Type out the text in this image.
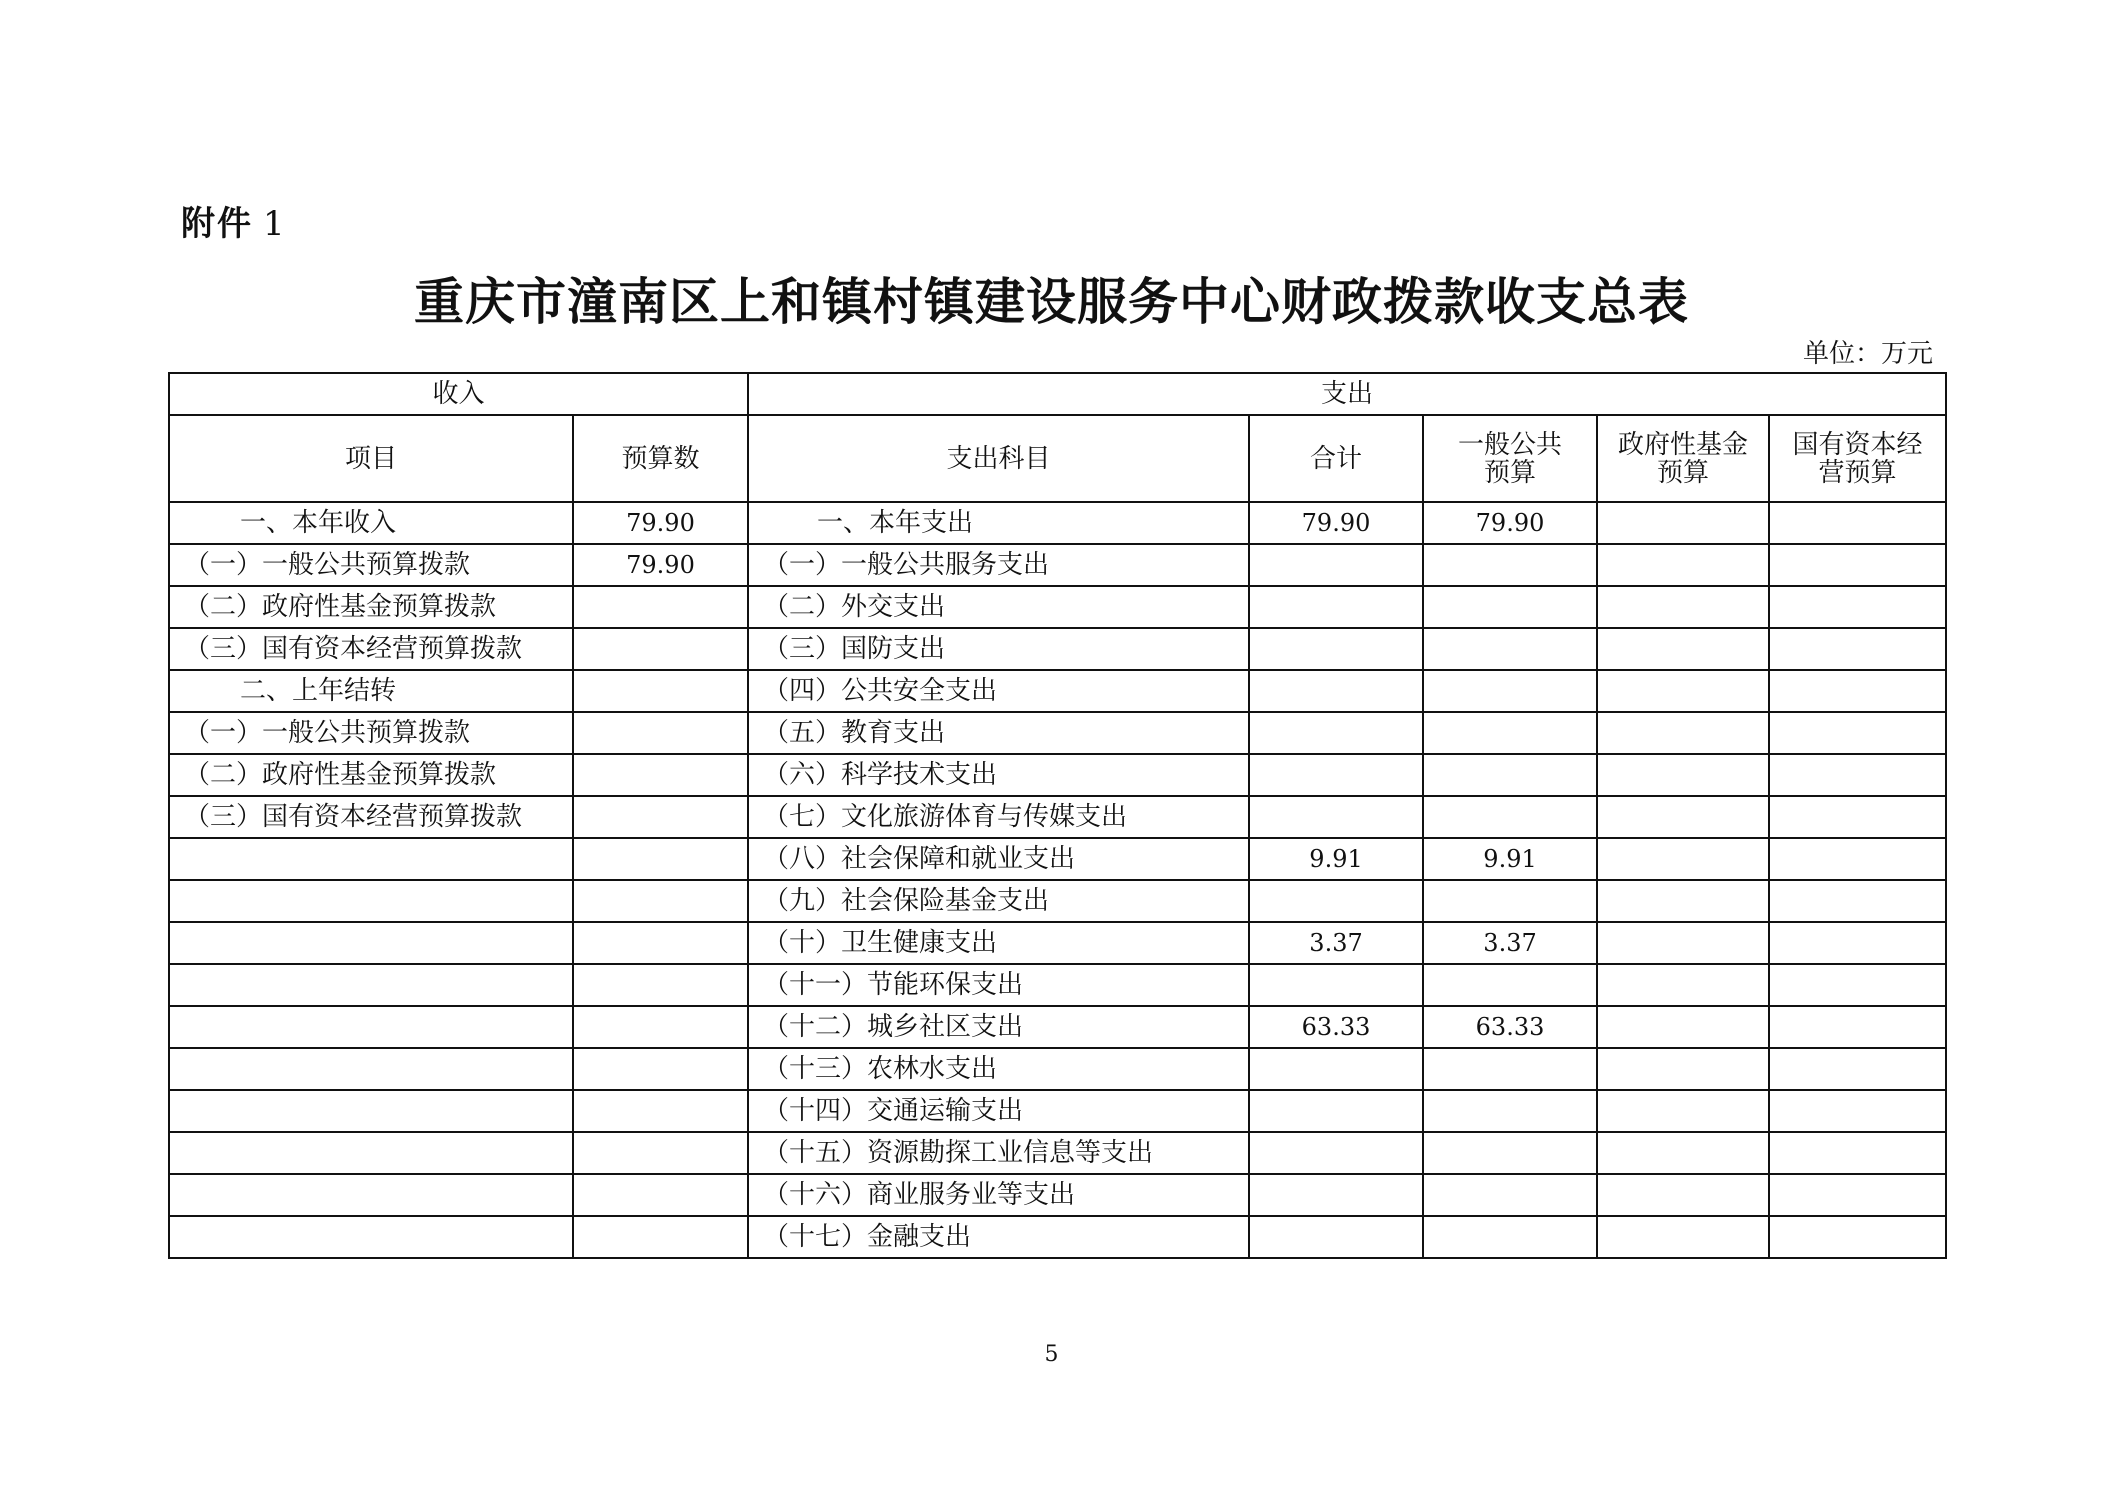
附件 1
重庆市潼南区上和镇村镇建设服务中心财政拨款收支总表
单位：万元
收入		支出				
项目	预算数	支出科目	合计	一般公共预算	政府性基金预算	国有资本经营预算
一、本年收入	79.90	一、本年支出	79.90	79.90		
（一）一般公共预算拨款	79.90	（一）一般公共服务支出				
（二）政府性基金预算拨款		（二）外交支出				
（三）国有资本经营预算拨款		（三）国防支出				
二、上年结转		（四）公共安全支出				
（一）一般公共预算拨款		（五）教育支出				
（二）政府性基金预算拨款		（六）科学技术支出				
（三）国有资本经营预算拨款		（七）文化旅游体育与传媒支出				
		（八）社会保障和就业支出	9.91	9.91		
		（九）社会保险基金支出				
		（十）卫生健康支出	3.37	3.37		
		（十一）节能环保支出				
		（十二）城乡社区支出	63.33	63.33		
		（十三）农林水支出				
		（十四）交通运输支出				
		（十五）资源勘探工业信息等支出				
		（十六）商业服务业等支出				
		（十七）金融支出				
5
